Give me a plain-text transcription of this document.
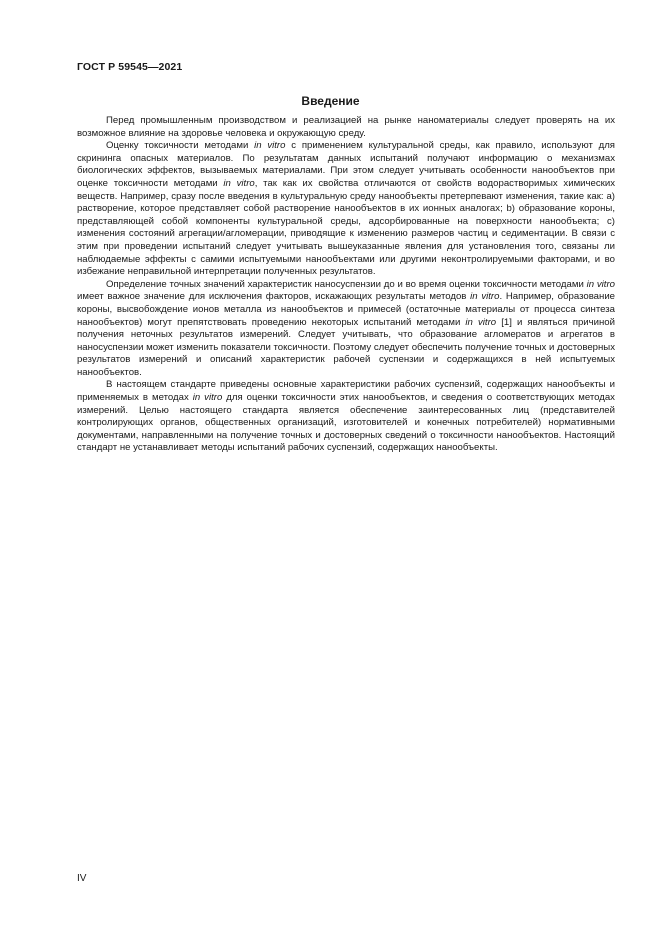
ГОСТ Р 59545—2021
Введение

Перед промышленным производством и реализацией на рынке наноматериалы следует проверять на их возможное влияние на здоровье человека и окружающую среду.

Оценку токсичности методами in vitro с применением культуральной среды, как правило, используют для скрининга опасных материалов. По результатам данных испытаний получают информацию о механизмах биологических эффектов, вызываемых материалами. При этом следует учитывать особенности нанообъектов при оценке токсичности методами in vitro, так как их свойства отличаются от свойств водорастворимых химических веществ. Например, сразу после введения в культуральную среду нанообъекты претерпевают изменения, такие как: а) растворение, которое представляет собой растворение нанообъектов в их ионных аналогах; b) образование короны, представляющей собой компоненты культуральной среды, адсорбированные на поверхности нанообъекта; с) изменения состояний агрегации/агломерации, приводящие к изменению размеров частиц и седиментации. В связи с этим при проведении испытаний следует учитывать вышеуказанные явления для установления того, связаны ли наблюдаемые эффекты с самими испытуемыми нанообъектами или другими неконтролируемыми факторами, и во избежание неправильной интерпретации полученных результатов.

Определение точных значений характеристик наносуспензии до и во время оценки токсичности методами in vitro имеет важное значение для исключения факторов, искажающих результаты методов in vitro. Например, образование короны, высвобождение ионов металла из нанообъектов и примесей (остаточные материалы от процесса синтеза нанообъектов) могут препятствовать проведению некоторых испытаний методами in vitro [1] и являться причиной получения неточных результатов измерений. Следует учитывать, что образование агломератов и агрегатов в наносуспензии может изменить показатели токсичности. Поэтому следует обеспечить получение точных и достоверных результатов измерений и описаний характеристик рабочей суспензии и содержащихся в ней испытуемых нанообъектов.

В настоящем стандарте приведены основные характеристики рабочих суспензий, содержащих нанообъекты и применяемых в методах in vitro для оценки токсичности этих нанообъектов, и сведения о соответствующих методах измерений. Целью настоящего стандарта является обеспечение заинтересованных лиц (представителей контролирующих органов, общественных организаций, изготовителей и конечных потребителей) нормативными документами, направленными на получение точных и достоверных сведений о токсичности нанообъектов. Настоящий стандарт не устанавливает методы испытаний рабочих суспензий, содержащих нанообъекты.

IV
